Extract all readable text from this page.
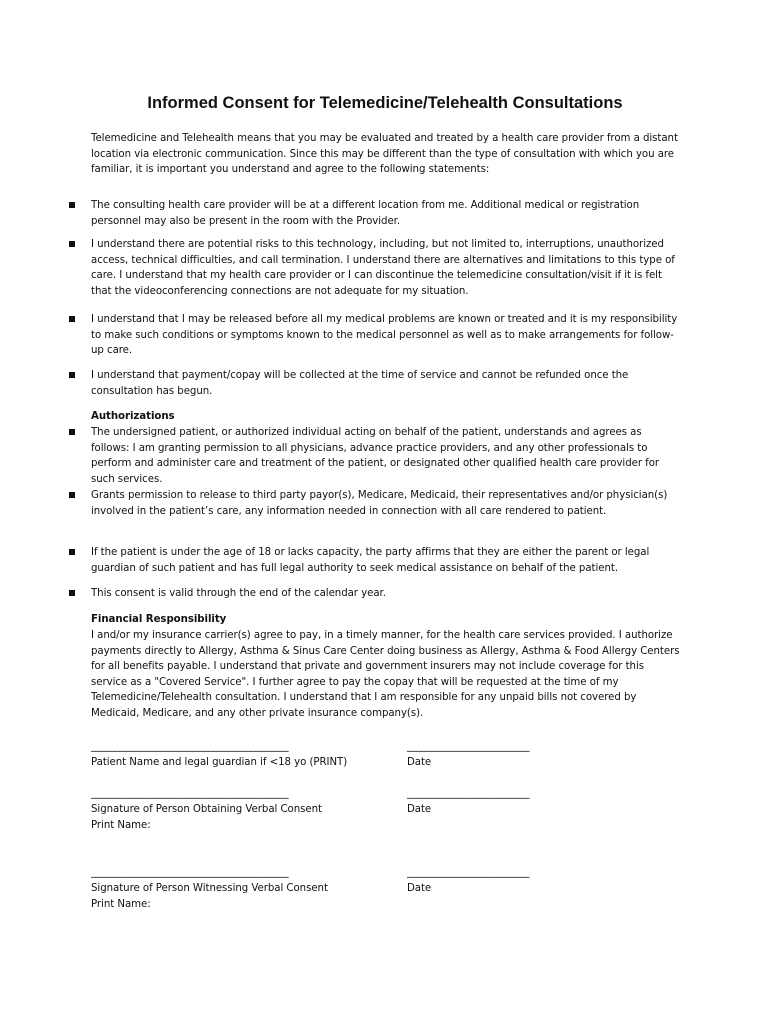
Informed Consent for Telemedicine/Telehealth Consultations

Telemedicine and Telehealth means that you may be evaluated and treated by a health care provider from a distant location via electronic communication. Since this may be different than the type of consultation with which you are familiar, it is important you understand and agree to the following statements:

The consulting health care provider will be at a different location from me. Additional medical or registration personnel may also be present in the room with the Provider.

I understand there are potential risks to this technology, including, but not limited to, interruptions, unauthorized access, technical difficulties, and call termination. I understand there are alternatives and limitations to this type of care. I understand that my health care provider or I can discontinue the telemedicine consultation/visit if it is felt that the videoconferencing connections are not adequate for my situation.

I understand that I may be released before all my medical problems are known or treated and it is my responsibility to make such conditions or symptoms known to the medical personnel as well as to make arrangements for follow-up care.

I understand that payment/copay will be collected at the time of service and cannot be refunded once the consultation has begun.

Authorizations

The undersigned patient, or authorized individual acting on behalf of the patient, understands and agrees as follows: I am granting permission to all physicians, advance practice providers, and any other professionals to perform and administer care and treatment of the patient, or designated other qualified health care provider for such services.

Grants permission to release to third party payor(s), Medicare, Medicaid, their representatives and/or physician(s) involved in the patient’s care, any information needed in connection with all care rendered to patient.

If the patient is under the age of 18 or lacks capacity, the party affirms that they are either the parent or legal guardian of such patient and has full legal authority to seek medical assistance on behalf of the patient.

This consent is valid through the end of the calendar year.

Financial Responsibility

I and/or my insurance carrier(s) agree to pay, in a timely manner, for the health care services provided. I authorize payments directly to Allergy, Asthma & Sinus Care Center doing business as Allergy, Asthma & Food Allergy Centers for all benefits payable. I understand that private and government insurers may not include coverage for this service as a "Covered Service". I further agree to pay the copay that will be requested at the time of my Telemedicine/Telehealth consultation. I understand that I am responsible for any unpaid bills not covered by Medicaid, Medicare, and any other private insurance company(s).

__________________________________________	__________________________

Patient Name and legal guardian if <18 yo (PRINT)	Date

__________________________________________	__________________________

Signature of Person Obtaining Verbal Consent	Date

Print Name:

__________________________________________	__________________________

Signature of Person Witnessing Verbal Consent	Date

Print Name:
